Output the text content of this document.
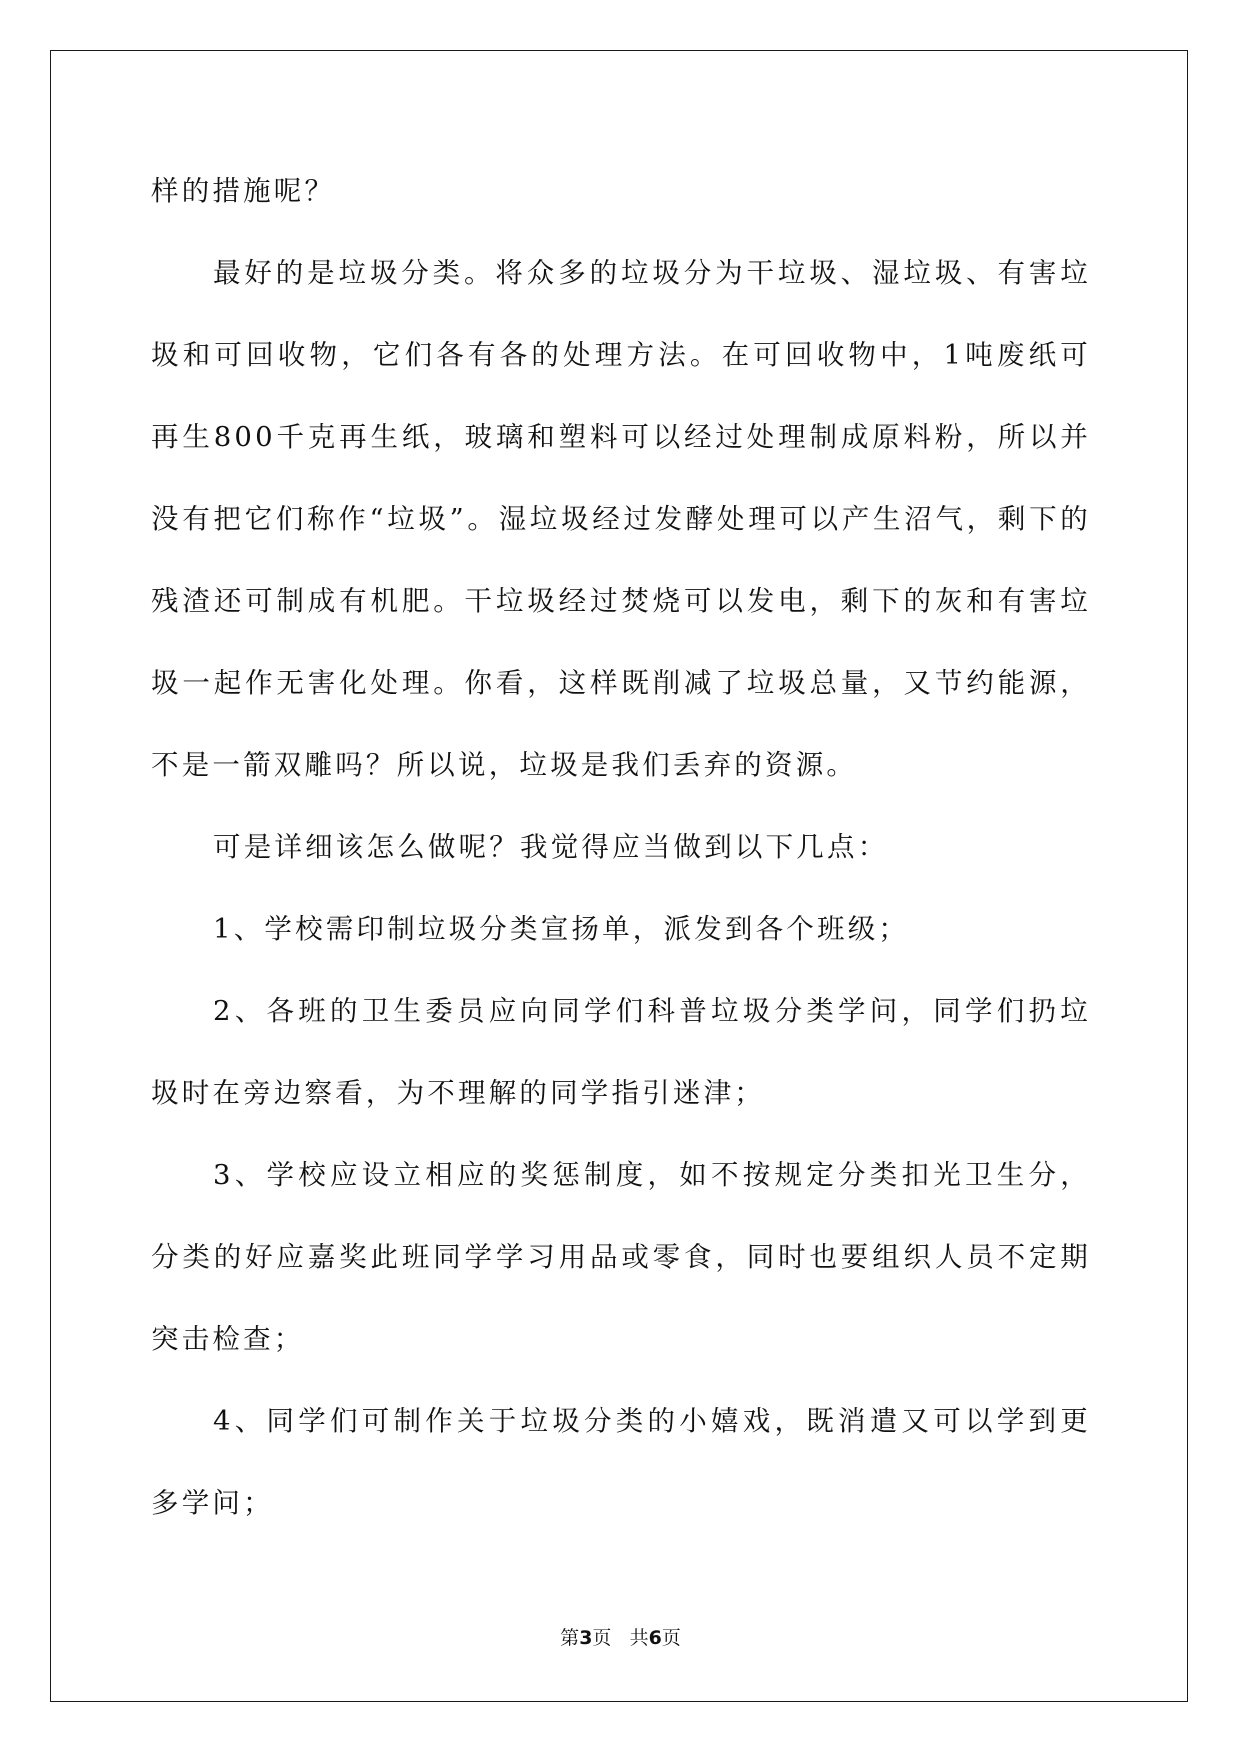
样的措施呢？

最好的是垃圾分类。将众多的垃圾分为干垃圾、湿垃圾、有害垃圾和可回收物，它们各有各的处理方法。在可回收物中，1吨废纸可再生800千克再生纸，玻璃和塑料可以经过处理制成原料粉，所以并没有把它们称作“垃圾”。湿垃圾经过发酵处理可以产生沼气，剩下的残渣还可制成有机肥。干垃圾经过焚烧可以发电，剩下的灰和有害垃圾一起作无害化处理。你看，这样既削减了垃圾总量，又节约能源，不是一箭双雕吗？所以说，垃圾是我们丢弃的资源。

可是详细该怎么做呢？我觉得应当做到以下几点：

1、学校需印制垃圾分类宣扬单，派发到各个班级；

2、各班的卫生委员应向同学们科普垃圾分类学问，同学们扔垃圾时在旁边察看，为不理解的同学指引迷津；

3、学校应设立相应的奖惩制度，如不按规定分类扣光卫生分，分类的好应嘉奖此班同学学习用品或零食，同时也要组织人员不定期突击检查；

4、同学们可制作关于垃圾分类的小嬉戏，既消遣又可以学到更多学问；

第3页 共6页
